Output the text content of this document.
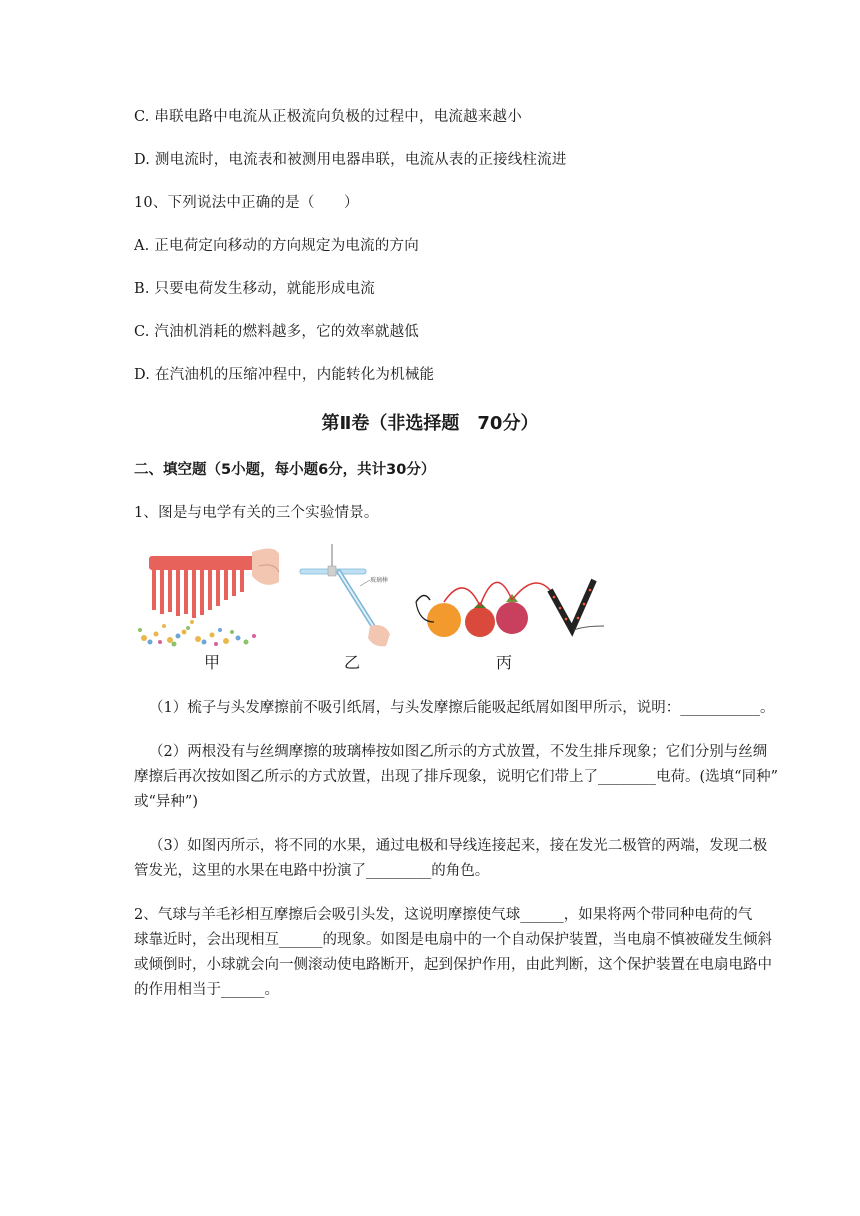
C. 串联电路中电流从正极流向负极的过程中，电流越来越小
D. 测电流时，电流表和被测用电器串联，电流从表的正接线柱流进
10、下列说法中正确的是（　　）
A. 正电荷定向移动的方向规定为电流的方向
B. 只要电荷发生移动，就能形成电流
C. 汽油机消耗的燃料越多，它的效率就越低
D. 在汽油机的压缩冲程中，内能转化为机械能
第Ⅱ卷（非选择题　70分）
二、填空题（5小题，每小题6分，共计30分）
1、图是与电学有关的三个实验情景。
玻璃棒
甲	乙	丙
（1）梳子与头发摩擦前不吸引纸屑，与头发摩擦后能吸起纸屑如图甲所示，说明：___________。
（2）两根没有与丝绸摩擦的玻璃棒按如图乙所示的方式放置，不发生排斥现象；它们分别与丝绸
摩擦后再次按如图乙所示的方式放置，出现了排斥现象，说明它们带上了________电荷。(选填“同种”
或“异种”)
（3）如图丙所示，将不同的水果，通过电极和导线连接起来，接在发光二极管的两端，发现二极
管发光，这里的水果在电路中扮演了_________的角色。
2、气球与羊毛衫相互摩擦后会吸引头发，这说明摩擦使气球______，如果将两个带同种电荷的气
球靠近时，会出现相互______的现象。如图是电扇中的一个自动保护装置，当电扇不慎被碰发生倾斜
或倾倒时，小球就会向一侧滚动使电路断开，起到保护作用，由此判断，这个保护装置在电扇电路中
的作用相当于______。
